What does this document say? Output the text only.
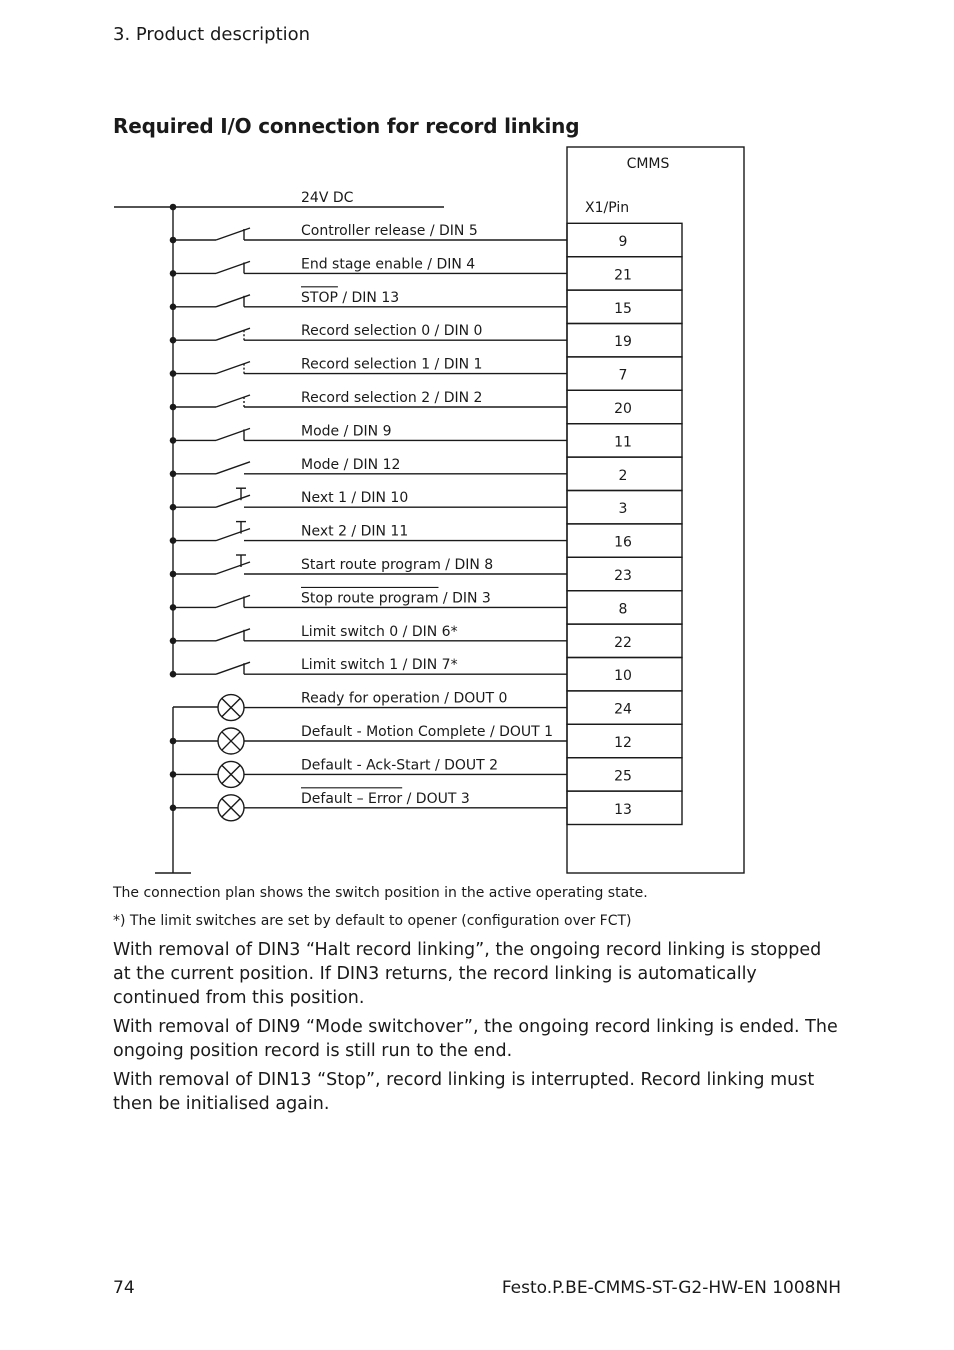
3. Product description
Required I/O connection for record linking
CMMS
X1/Pin
24V DC
Controller release / DIN 5
9
End stage enable / DIN 4
21
STOP / DIN 13
15
Record selection 0 / DIN 0
19
Record selection 1 / DIN 1
7
Record selection 2 / DIN 2
20
Mode / DIN 9
11
Mode / DIN 12
2
Next 1 / DIN 10
3
Next 2 / DIN 11
16
Start route program / DIN 8
23
Stop route program / DIN 3
8
Limit switch 0 / DIN 6*
22
Limit switch 1 / DIN 7*
10
Ready for operation / DOUT 0
24
Default - Motion Complete / DOUT 1
12
Default - Ack-Start / DOUT 2
25
Default – Error / DOUT 3
13
The connection plan shows the switch position in the active operating state.
*) The limit switches are set by default to opener (configuration over FCT)
With removal of DIN3 “Halt record linking”, the ongoing record linking is stopped at the current position. If DIN3 returns, the record linking is automatically continued from this position.
With removal of DIN9 “Mode switchover”, the ongoing record linking is ended. The ongoing position record is still run to the end.
With removal of DIN13 “Stop”, record linking is interrupted. Record linking must then be initialised again.
74	Festo.P.BE-CMMS-ST-G2-HW-EN 1008NH
